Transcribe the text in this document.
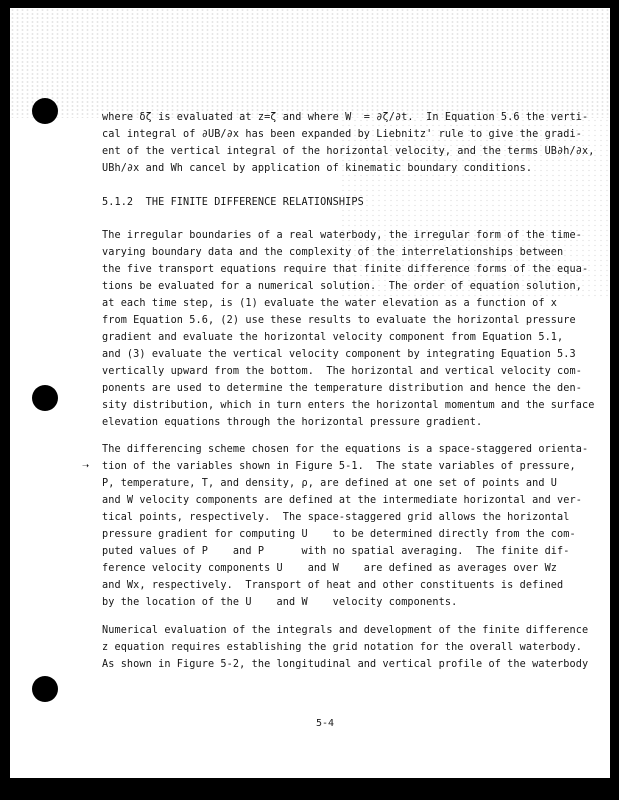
where δζ is evaluated at z=ζ and where W  = ∂ζ/∂t.  In Equation 5.6 the verti-
cal integral of ∂UB/∂x has been expanded by Liebnitz' rule to give the gradi-
ent of the vertical integral of the horizontal velocity, and the terms UB∂h/∂x,
UBh/∂x and Wh cancel by application of kinematic boundary conditions.
5.1.2  THE FINITE DIFFERENCE RELATIONSHIPS
The irregular boundaries of a real waterbody, the irregular form of the time-
varying boundary data and the complexity of the interrelationships between
the five transport equations require that finite difference forms of the equa-
tions be evaluated for a numerical solution.  The order of equation solution,
at each time step, is (1) evaluate the water elevation as a function of x
from Equation 5.6, (2) use these results to evaluate the horizontal pressure
gradient and evaluate the horizontal velocity component from Equation 5.1,
and (3) evaluate the vertical velocity component by integrating Equation 5.3
vertically upward from the bottom.  The horizontal and vertical velocity com-
ponents are used to determine the temperature distribution and hence the den-
sity distribution, which in turn enters the horizontal momentum and the surface
elevation equations through the horizontal pressure gradient.
➝
The differencing scheme chosen for the equations is a space-staggered orienta-
tion of the variables shown in Figure 5-1.  The state variables of pressure,
P, temperature, T, and density, ρ, are defined at one set of points and U
and W velocity components are defined at the intermediate horizontal and ver-
tical points, respectively.  The space-staggered grid allows the horizontal
pressure gradient for computing U    to be determined directly from the com-
puted values of P    and P      with no spatial averaging.  The finite dif-
ference velocity components U    and W    are defined as averages over Wz
and Wx, respectively.  Transport of heat and other constituents is defined
by the location of the U    and W    velocity components.
Numerical evaluation of the integrals and development of the finite difference
z equation requires establishing the grid notation for the overall waterbody.
As shown in Figure 5-2, the longitudinal and vertical profile of the waterbody
5-4
